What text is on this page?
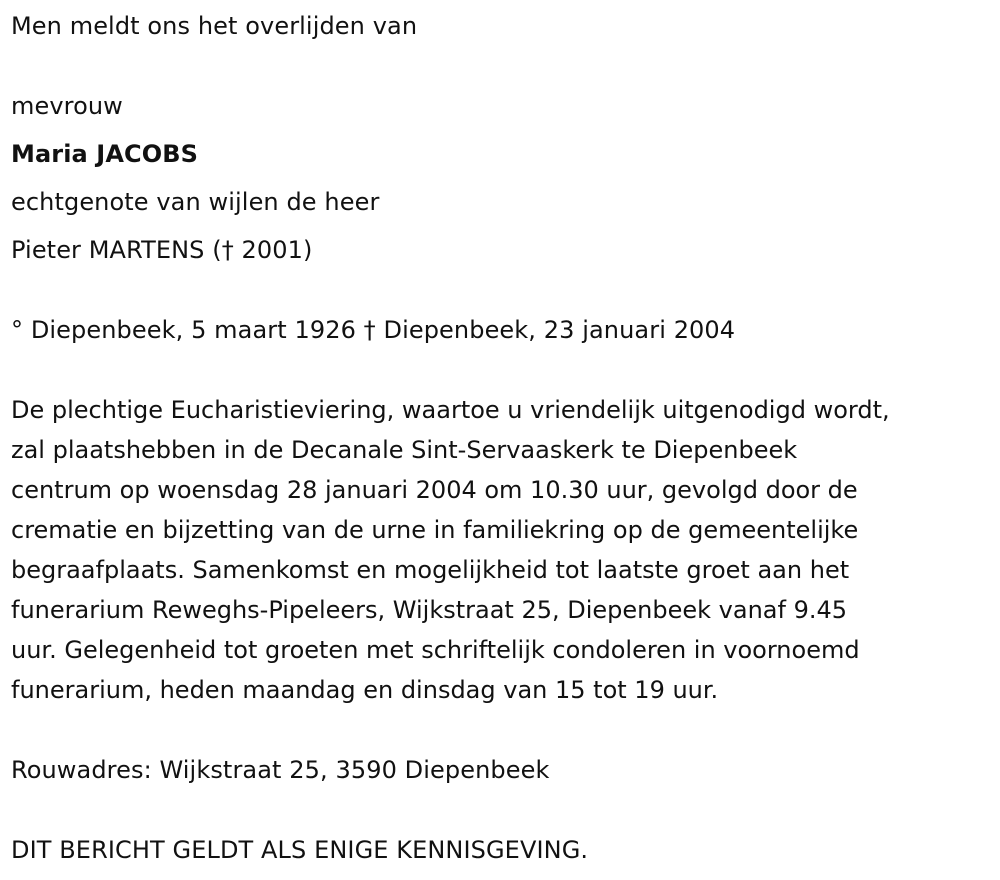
Men meldt ons het overlijden van

mevrouw

Maria JACOBS

echtgenote van wijlen de heer

Pieter MARTENS († 2001)

° Diepenbeek, 5 maart 1926 † Diepenbeek, 23 januari 2004

De plechtige Eucharistieviering, waartoe u vriendelijk uitgenodigd wordt,
zal plaatshebben in de Decanale Sint-Servaaskerk te Diepenbeek
centrum op woensdag 28 januari 2004 om 10.30 uur, gevolgd door de
crematie en bijzetting van de urne in familiekring op de gemeentelijke
begraafplaats. Samenkomst en mogelijkheid tot laatste groet aan het
funerarium Reweghs-Pipeleers, Wijkstraat 25, Diepenbeek vanaf 9.45
uur. Gelegenheid tot groeten met schriftelijk condoleren in voornoemd
funerarium, heden maandag en dinsdag van 15 tot 19 uur.

Rouwadres: Wijkstraat 25, 3590 Diepenbeek

DIT BERICHT GELDT ALS ENIGE KENNISGEVING.
